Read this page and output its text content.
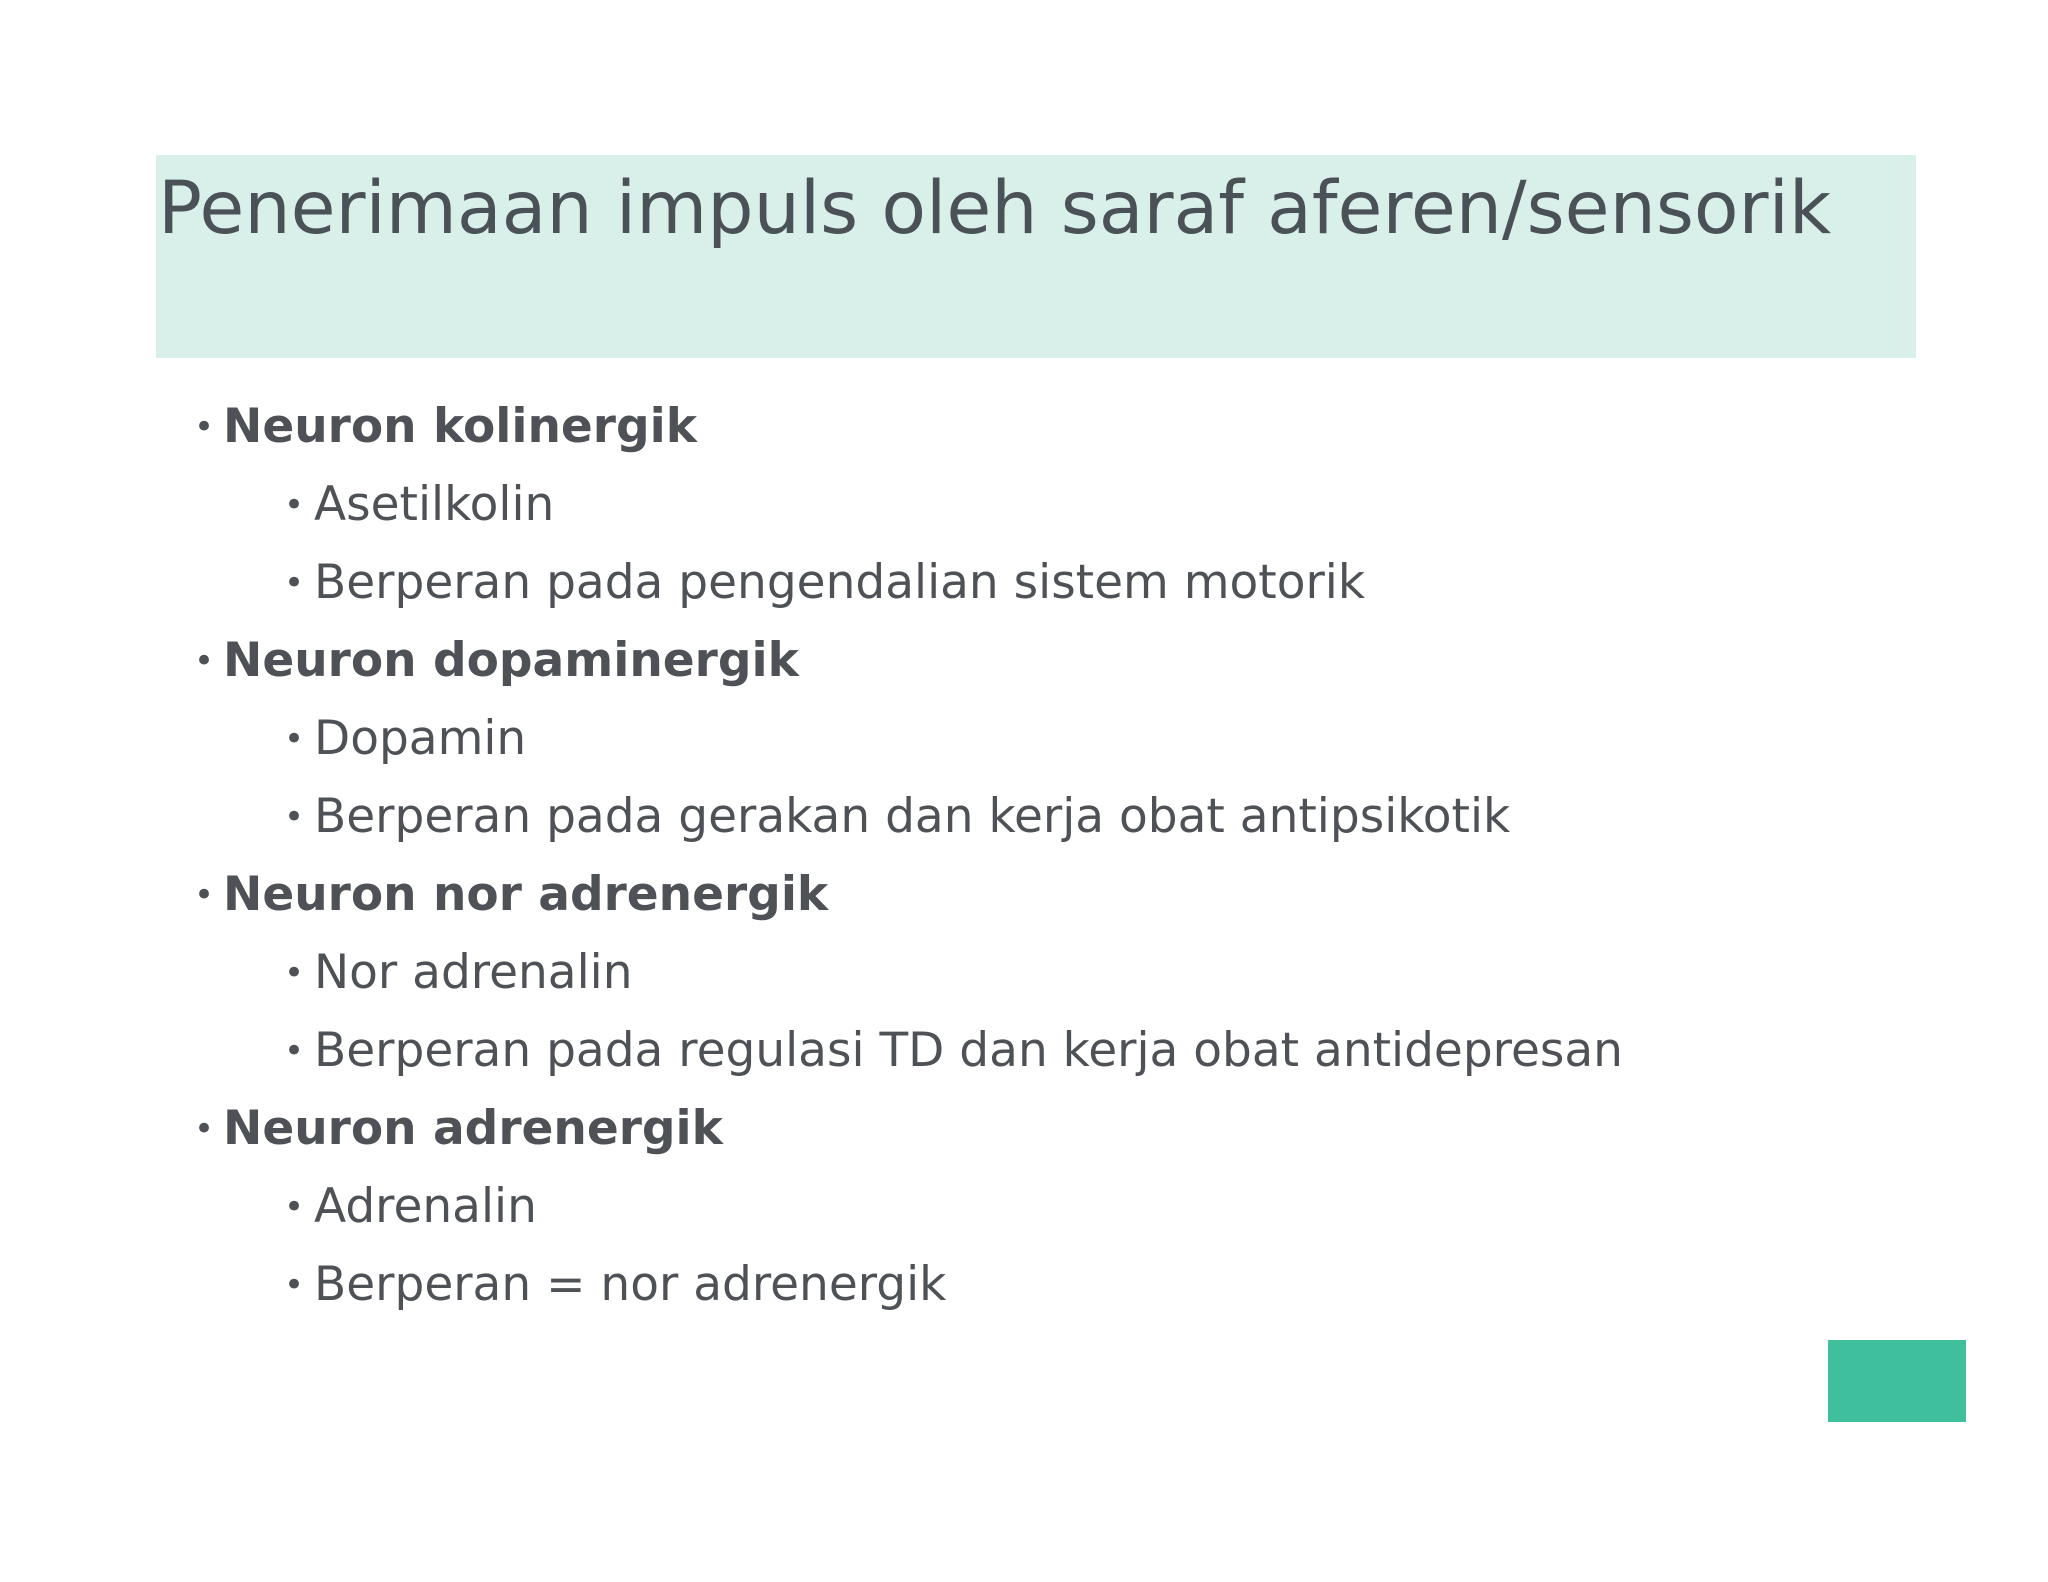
Penerimaan impuls oleh saraf aferen/sensorik
• Neuron kolinergik
• Asetilkolin
• Berperan pada pengendalian sistem motorik
• Neuron dopaminergik
• Dopamin
• Berperan pada gerakan dan kerja obat antipsikotik
• Neuron nor adrenergik
• Nor adrenalin
• Berperan pada regulasi TD dan kerja obat antidepresan
• Neuron adrenergik
• Adrenalin
• Berperan = nor adrenergik
